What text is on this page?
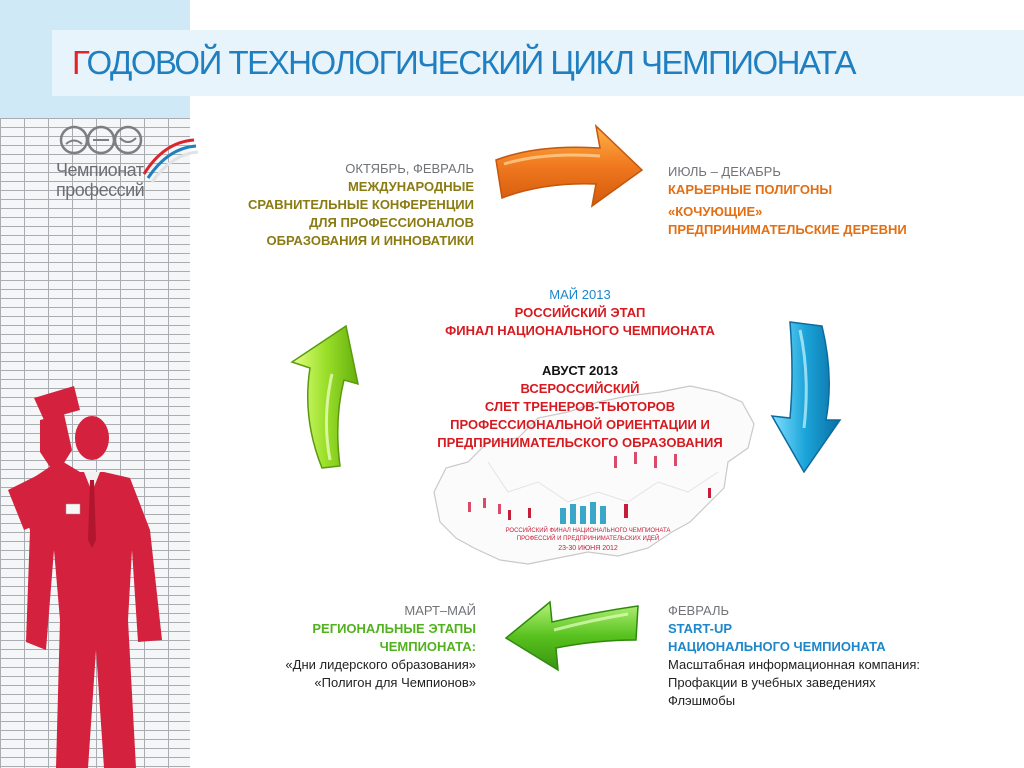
ГОДОВОЙ ТЕХНОЛОГИЧЕСКИЙ ЦИКЛ ЧЕМПИОНАТА
Чемпионат
профессий
ОКТЯБРЬ, ФЕВРАЛЬ
МЕЖДУНАРОДНЫЕ
СРАВНИТЕЛЬНЫЕ КОНФЕРЕНЦИИ
ДЛЯ ПРОФЕССИОНАЛОВ
ОБРАЗОВАНИЯ И ИННОВАТИКИ
ИЮЛЬ – ДЕКАБРЬ
КАРЬЕРНЫЕ ПОЛИГОНЫ
«КОЧУЮЩИЕ»
ПРЕДПРИНИМАТЕЛЬСКИЕ ДЕРЕВНИ
МАЙ 2013
РОССИЙСКИЙ ЭТАП
ФИНАЛ НАЦИОНАЛЬНОГО ЧЕМПИОНАТА
РОССИЙСКИЙ ФИНАЛ НАЦИОНАЛЬНОГО ЧЕМПИОНАТА
ПРОФЕССИЙ И ПРЕДПРИНИМАТЕЛЬСКИХ ИДЕЙ
23-30 ИЮНЯ 2012
АВУСТ 2013
ВСЕРОССИЙСКИЙ
СЛЕТ ТРЕНЕРОВ-ТЬЮТОРОВ
ПРОФЕССИОНАЛЬНОЙ ОРИЕНТАЦИИ И
ПРЕДПРИНИМАТЕЛЬСКОГО ОБРАЗОВАНИЯ
МАРТ–МАЙ
РЕГИОНАЛЬНЫЕ ЭТАПЫ
ЧЕМПИОНАТА:
«Дни лидерского образования»
«Полигон для Чемпионов»
ФЕВРАЛЬ
START-UP
НАЦИОНАЛЬНОГО ЧЕМПИОНАТА
Масштабная информационная компания:
Профакции в учебных заведениях
Флэшмобы
